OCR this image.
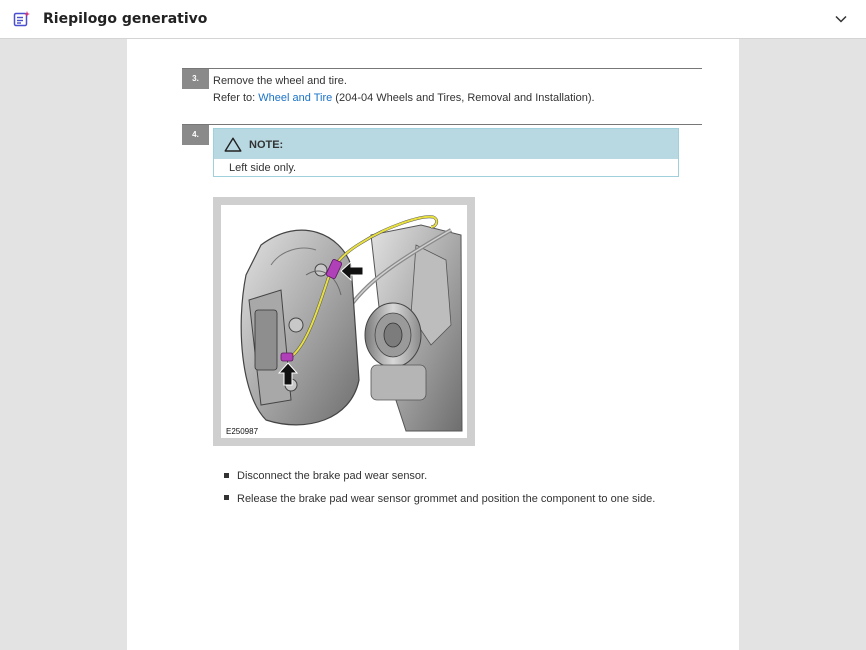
Riepilogo generativo
3.	Remove the wheel and tire.
Refer to: Wheel and Tire (204-04 Wheels and Tires, Removal and Installation).
4.
NOTE:
Left side only.
E250987
Disconnect the brake pad wear sensor.
Release the brake pad wear sensor grommet and position the component to one side.
